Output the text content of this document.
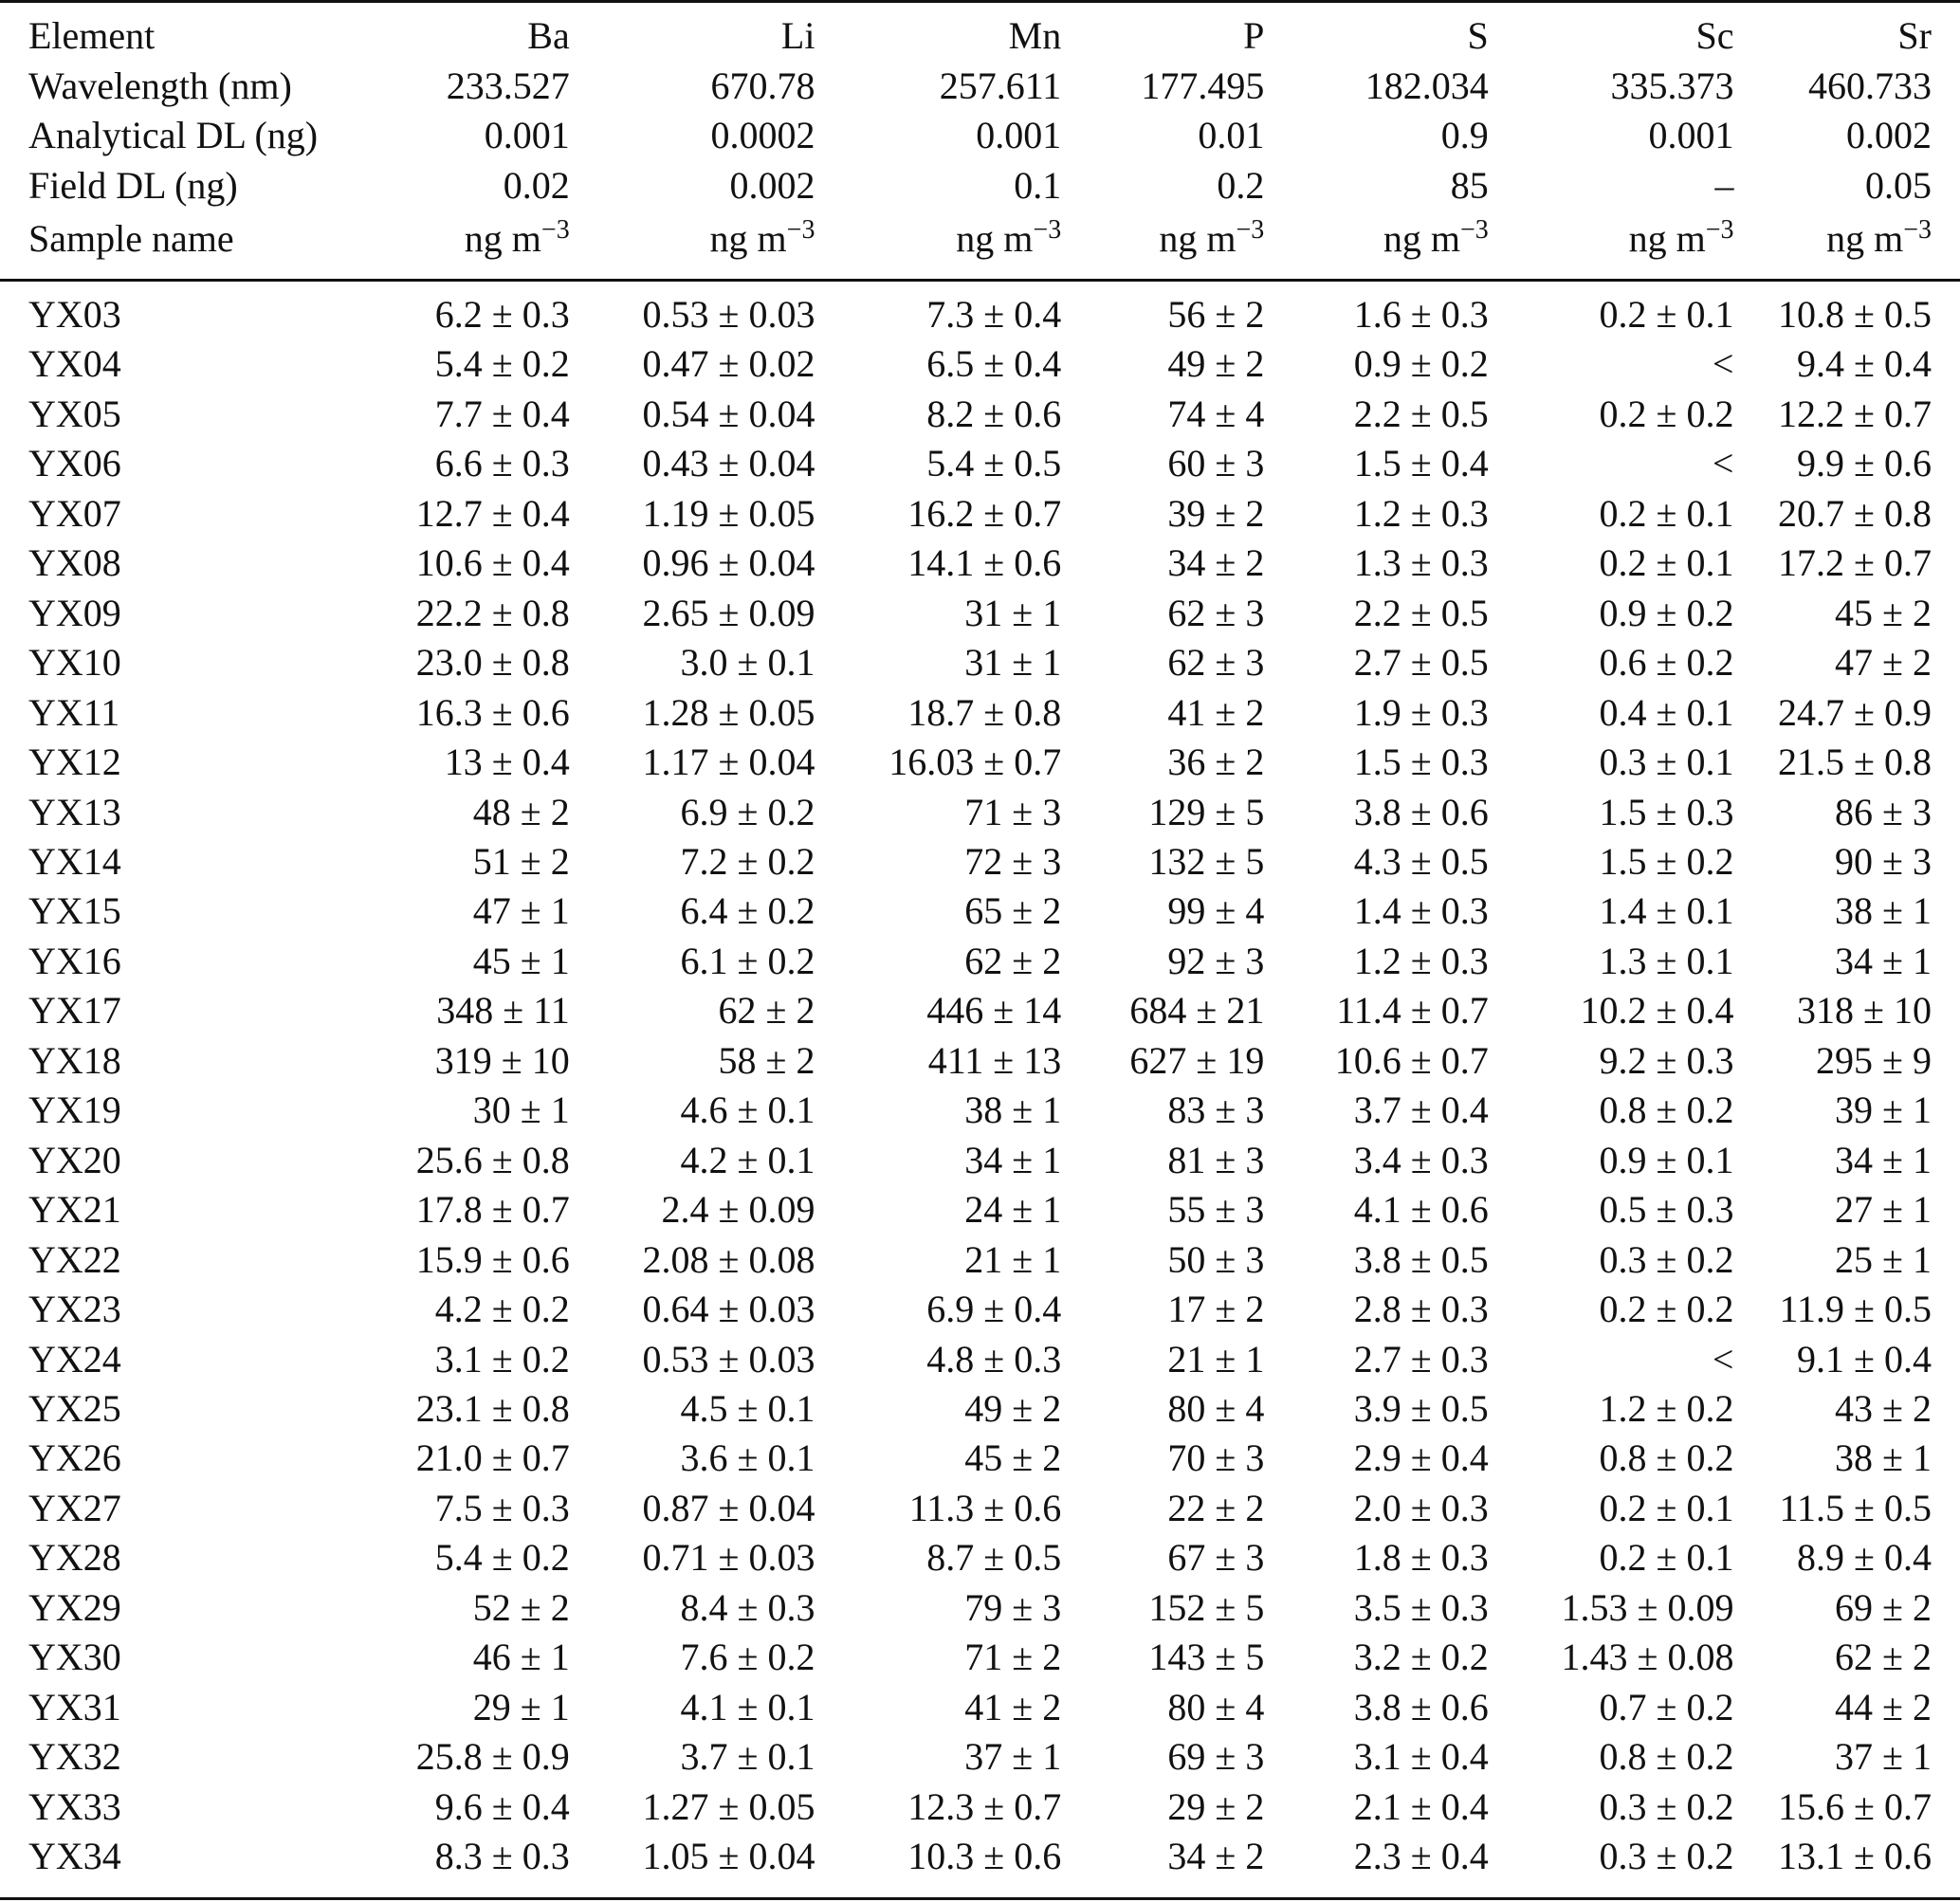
Element	Ba	Li	Mn	P	S	Sc	Sr
Wavelength (nm)	233.527	670.78	257.611	177.495	182.034	335.373	460.733
Analytical DL (ng)	0.001	0.0002	0.001	0.01	0.9	0.001	0.002
Field DL (ng)	0.02	0.002	0.1	0.2	85	–	0.05
Sample name	ng $m^{-3}$	ng $m^{-3}$	ng $m^{-3}$	ng $m^{-3}$	ng $m^{-3}$	ng $m^{-3}$	ng $m^{-3}$
YX03	6.2 ± 0.3	0.53 ± 0.03	7.3 ± 0.4	56 ± 2	1.6 ± 0.3	0.2 ± 0.1	10.8 ± 0.5
YX04	5.4 ± 0.2	0.47 ± 0.02	6.5 ± 0.4	49 ± 2	0.9 ± 0.2	<	9.4 ± 0.4
YX05	7.7 ± 0.4	0.54 ± 0.04	8.2 ± 0.6	74 ± 4	2.2 ± 0.5	0.2 ± 0.2	12.2 ± 0.7
YX06	6.6 ± 0.3	0.43 ± 0.04	5.4 ± 0.5	60 ± 3	1.5 ± 0.4	<	9.9 ± 0.6
YX07	12.7 ± 0.4	1.19 ± 0.05	16.2 ± 0.7	39 ± 2	1.2 ± 0.3	0.2 ± 0.1	20.7 ± 0.8
YX08	10.6 ± 0.4	0.96 ± 0.04	14.1 ± 0.6	34 ± 2	1.3 ± 0.3	0.2 ± 0.1	17.2 ± 0.7
YX09	22.2 ± 0.8	2.65 ± 0.09	31 ± 1	62 ± 3	2.2 ± 0.5	0.9 ± 0.2	45 ± 2
YX10	23.0 ± 0.8	3.0 ± 0.1	31 ± 1	62 ± 3	2.7 ± 0.5	0.6 ± 0.2	47 ± 2
YX11	16.3 ± 0.6	1.28 ± 0.05	18.7 ± 0.8	41 ± 2	1.9 ± 0.3	0.4 ± 0.1	24.7 ± 0.9
YX12	13 ± 0.4	1.17 ± 0.04	16.03 ± 0.7	36 ± 2	1.5 ± 0.3	0.3 ± 0.1	21.5 ± 0.8
YX13	48 ± 2	6.9 ± 0.2	71 ± 3	129 ± 5	3.8 ± 0.6	1.5 ± 0.3	86 ± 3
YX14	51 ± 2	7.2 ± 0.2	72 ± 3	132 ± 5	4.3 ± 0.5	1.5 ± 0.2	90 ± 3
YX15	47 ± 1	6.4 ± 0.2	65 ± 2	99 ± 4	1.4 ± 0.3	1.4 ± 0.1	38 ± 1
YX16	45 ± 1	6.1 ± 0.2	62 ± 2	92 ± 3	1.2 ± 0.3	1.3 ± 0.1	34 ± 1
YX17	348 ± 11	62 ± 2	446 ± 14	684 ± 21	11.4 ± 0.7	10.2 ± 0.4	318 ± 10
YX18	319 ± 10	58 ± 2	411 ± 13	627 ± 19	10.6 ± 0.7	9.2 ± 0.3	295 ± 9
YX19	30 ± 1	4.6 ± 0.1	38 ± 1	83 ± 3	3.7 ± 0.4	0.8 ± 0.2	39 ± 1
YX20	25.6 ± 0.8	4.2 ± 0.1	34 ± 1	81 ± 3	3.4 ± 0.3	0.9 ± 0.1	34 ± 1
YX21	17.8 ± 0.7	2.4 ± 0.09	24 ± 1	55 ± 3	4.1 ± 0.6	0.5 ± 0.3	27 ± 1
YX22	15.9 ± 0.6	2.08 ± 0.08	21 ± 1	50 ± 3	3.8 ± 0.5	0.3 ± 0.2	25 ± 1
YX23	4.2 ± 0.2	0.64 ± 0.03	6.9 ± 0.4	17 ± 2	2.8 ± 0.3	0.2 ± 0.2	11.9 ± 0.5
YX24	3.1 ± 0.2	0.53 ± 0.03	4.8 ± 0.3	21 ± 1	2.7 ± 0.3	<	9.1 ± 0.4
YX25	23.1 ± 0.8	4.5 ± 0.1	49 ± 2	80 ± 4	3.9 ± 0.5	1.2 ± 0.2	43 ± 2
YX26	21.0 ± 0.7	3.6 ± 0.1	45 ± 2	70 ± 3	2.9 ± 0.4	0.8 ± 0.2	38 ± 1
YX27	7.5 ± 0.3	0.87 ± 0.04	11.3 ± 0.6	22 ± 2	2.0 ± 0.3	0.2 ± 0.1	11.5 ± 0.5
YX28	5.4 ± 0.2	0.71 ± 0.03	8.7 ± 0.5	67 ± 3	1.8 ± 0.3	0.2 ± 0.1	8.9 ± 0.4
YX29	52 ± 2	8.4 ± 0.3	79 ± 3	152 ± 5	3.5 ± 0.3	1.53 ± 0.09	69 ± 2
YX30	46 ± 1	7.6 ± 0.2	71 ± 2	143 ± 5	3.2 ± 0.2	1.43 ± 0.08	62 ± 2
YX31	29 ± 1	4.1 ± 0.1	41 ± 2	80 ± 4	3.8 ± 0.6	0.7 ± 0.2	44 ± 2
YX32	25.8 ± 0.9	3.7 ± 0.1	37 ± 1	69 ± 3	3.1 ± 0.4	0.8 ± 0.2	37 ± 1
YX33	9.6 ± 0.4	1.27 ± 0.05	12.3 ± 0.7	29 ± 2	2.1 ± 0.4	0.3 ± 0.2	15.6 ± 0.7
YX34	8.3 ± 0.3	1.05 ± 0.04	10.3 ± 0.6	34 ± 2	2.3 ± 0.4	0.3 ± 0.2	13.1 ± 0.6
